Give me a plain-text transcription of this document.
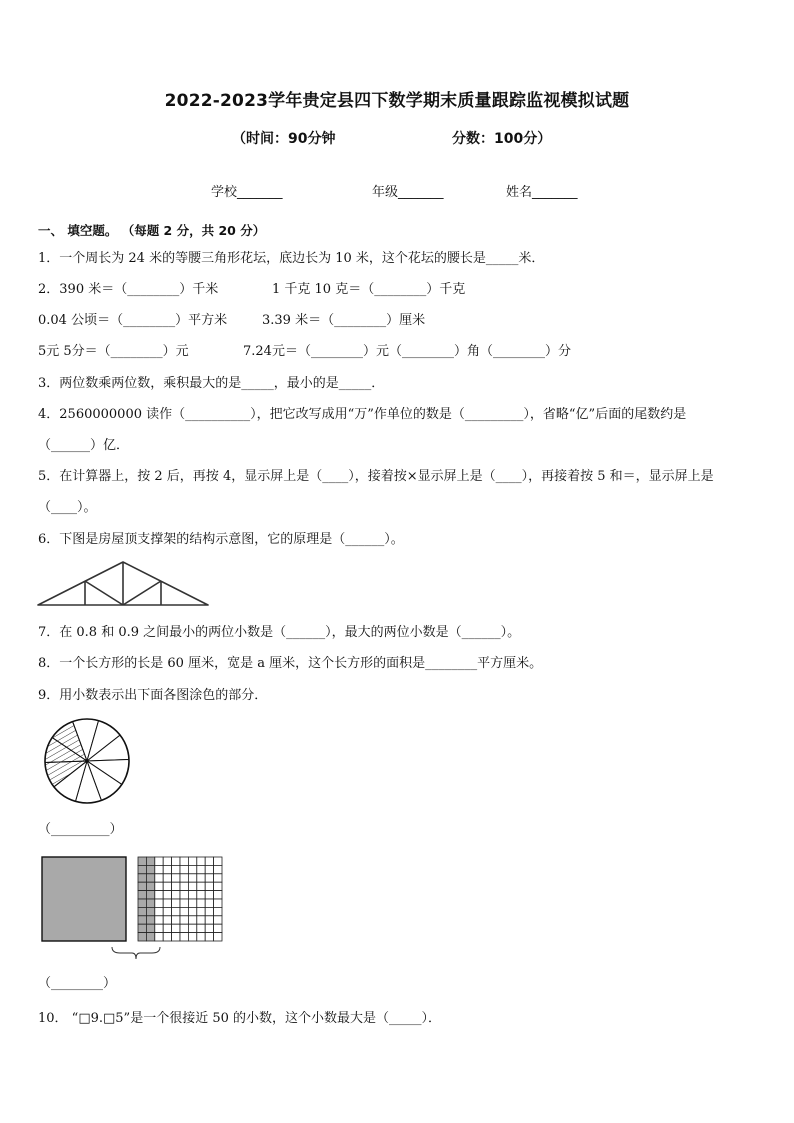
2022-2023学年贵定县四下数学期末质量跟踪监视模拟试题
（时间：90分钟	分数：100分）
学校_______	年级_______	姓名_______
一、 填空题。 （每题 2 分，共 20 分）
1．一个周长为 24 米的等腰三角形花坛，底边长为 10 米，这个花坛的腰长是_____米．
2．390 米＝（________）千米	1 千克 10 克＝（________）千克
0.04 公顷＝（________）平方米	3.39 米＝（________）厘米
5元 5分＝（________）元	7.24元＝（________）元（________）角（________）分
3．两位数乘两位数，乘积最大的是_____，最小的是_____．
4．2560000000 读作（__________），把它改写成用“万”作单位的数是（_________），省略“亿”后面的尾数约是
（______）亿．
5．在计算器上，按 2 后，再按 4，显示屏上是（____），接着按×显示屏上是（____），再接着按 5 和＝，显示屏上是
（____）。
6．下图是房屋顶支撑架的结构示意图，它的原理是（______）。
7．在 0.8 和 0.9 之间最小的两位小数是（______），最大的两位小数是（______）。
8．一个长方形的长是 60 厘米，宽是 a 厘米，这个长方形的面积是________平方厘米。
9．用小数表示出下面各图涂色的部分．
（_________）
（________）
10． “□9.□5”是一个很接近 50 的小数，这个小数最大是（_____）．
